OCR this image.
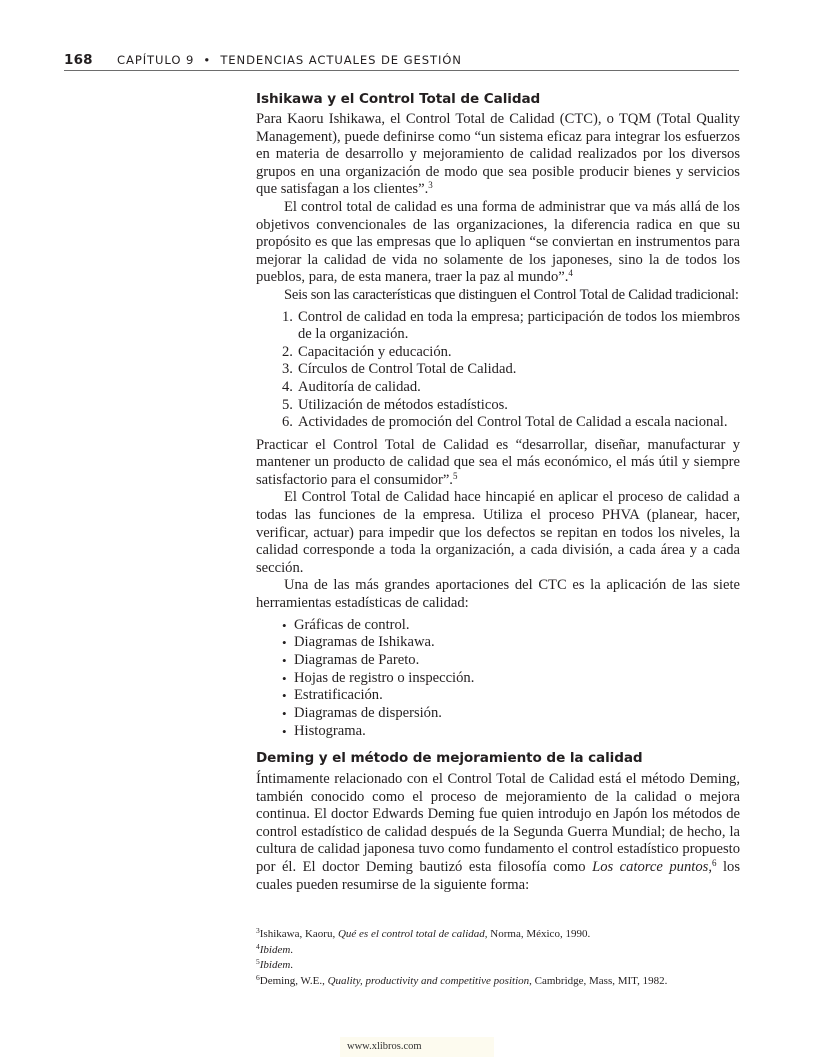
168 CAPÍTULO 9  •  TENDENCIAS ACTUALES DE GESTIÓN
Ishikawa y el Control Total de Calidad

Para Kaoru Ishikawa, el Control Total de Calidad (CTC), o TQM (Total Quality Management), puede definirse como “un sistema eficaz para integrar los esfuerzos en materia de desarrollo y mejoramiento de calidad realizados por los diversos grupos en una organización de modo que sea posible producir bienes y servicios que satisfagan a los clientes”.$^3$

El control total de calidad es una forma de administrar que va más allá de los objetivos convencionales de las organizaciones, la diferencia radica en que su propósito es que las empresas que lo apliquen “se conviertan en instrumentos para mejorar la calidad de vida no solamente de los japoneses, sino la de todos los pueblos, para, de esta manera, traer la paz al mundo”.$^4$

Seis son las características que distinguen el Control Total de Calidad tradicional:

1. Control de calidad en toda la empresa; participación de todos los miembros de la organización.
2. Capacitación y educación.
3. Círculos de Control Total de Calidad.
4. Auditoría de calidad.
5. Utilización de métodos estadísticos.
6. Actividades de promoción del Control Total de Calidad a escala nacional.

Practicar el Control Total de Calidad es “desarrollar, diseñar, manufacturar y mantener un producto de calidad que sea el más económico, el más útil y siempre satisfactorio para el consumidor”.$^5$

El Control Total de Calidad hace hincapié en aplicar el proceso de calidad a todas las funciones de la empresa. Utiliza el proceso PHVA (planear, hacer, verificar, actuar) para impedir que los defectos se repitan en todos los niveles, la calidad corresponde a toda la organización, a cada división, a cada área y a cada sección.

Una de las más grandes aportaciones del CTC es la aplicación de las siete herramientas estadísticas de calidad:

• Gráficas de control.
• Diagramas de Ishikawa.
• Diagramas de Pareto.
• Hojas de registro o inspección.
• Estratificación.
• Diagramas de dispersión.
• Histograma.
Deming y el método de mejoramiento de la calidad

Íntimamente relacionado con el Control Total de Calidad está el método Deming, también conocido como el proceso de mejoramiento de la calidad o mejora continua. El doctor Edwards Deming fue quien introdujo en Japón los métodos de control estadístico de calidad después de la Segunda Guerra Mundial; de hecho, la cultura de calidad japonesa tuvo como fundamento el control estadístico propuesto por él. El doctor Deming bautizó esta filosofía como Los catorce puntos,$^6$ los cuales pueden resumirse de la siguiente forma:

$^3$Ishikawa, Kaoru, Qué es el control total de calidad, Norma, México, 1990.
$^4$Ibidem.
$^5$Ibidem.
$^6$Deming, W.E., Quality, productivity and competitive position, Cambridge, Mass, MIT, 1982.
www.xlibros.com
